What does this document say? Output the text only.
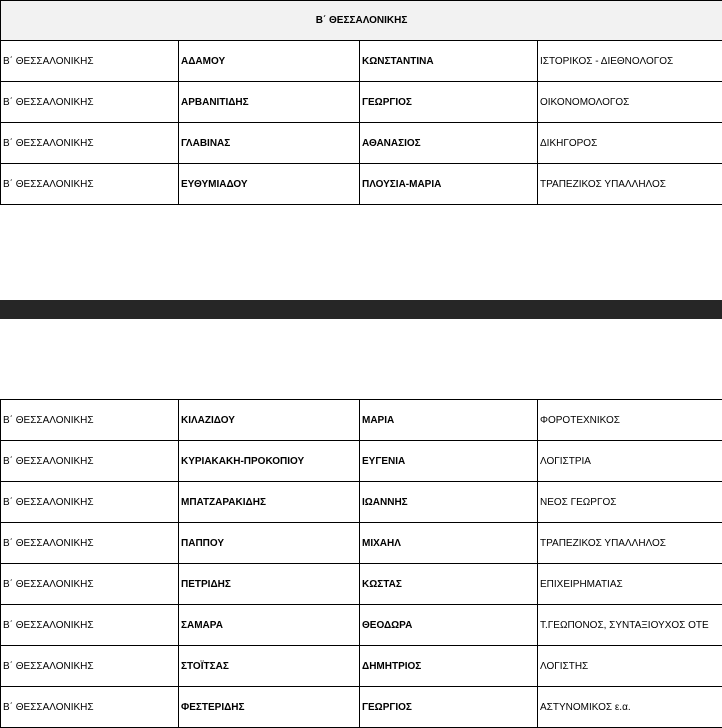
Β΄ ΘΕΣΣΑΛΟΝΙΚΗΣ			
Β΄ ΘΕΣΣΑΛΟΝΙΚΗΣ	ΑΔΑΜΟΥ	ΚΩΝΣΤΑΝΤΙΝΑ	ΙΣΤΟΡΙΚΟΣ - ΔΙΕΘΝΟΛΟΓΟΣ
Β΄ ΘΕΣΣΑΛΟΝΙΚΗΣ	ΑΡΒΑΝΙΤΙΔΗΣ	ΓΕΩΡΓΙΟΣ	ΟΙΚΟΝΟΜΟΛΟΓΟΣ
Β΄ ΘΕΣΣΑΛΟΝΙΚΗΣ	ΓΛΑΒΙΝΑΣ	ΑΘΑΝΑΣΙΟΣ	ΔΙΚΗΓΟΡΟΣ
Β΄ ΘΕΣΣΑΛΟΝΙΚΗΣ	ΕΥΘΥΜΙΑΔΟΥ	ΠΛΟΥΣΙΑ-ΜΑΡΙΑ	ΤΡΑΠΕΖΙΚΟΣ ΥΠΑΛΛΗΛΟΣ
Β΄ ΘΕΣΣΑΛΟΝΙΚΗΣ	ΚΙΛΑΖΙΔΟΥ	ΜΑΡΙΑ	ΦΟΡΟΤΕΧΝΙΚΟΣ
Β΄ ΘΕΣΣΑΛΟΝΙΚΗΣ	ΚΥΡΙΑΚΑΚΗ-ΠΡΟΚΟΠΙΟΥ	ΕΥΓΕΝΙΑ	ΛΟΓΙΣΤΡΙΑ
Β΄ ΘΕΣΣΑΛΟΝΙΚΗΣ	ΜΠΑΤΖΑΡΑΚΙΔΗΣ	ΙΩΑΝΝΗΣ	ΝΕΟΣ ΓΕΩΡΓΟΣ
Β΄ ΘΕΣΣΑΛΟΝΙΚΗΣ	ΠΑΠΠΟΥ	ΜΙΧΑΗΛ	ΤΡΑΠΕΖΙΚΟΣ ΥΠΑΛΛΗΛΟΣ
Β΄ ΘΕΣΣΑΛΟΝΙΚΗΣ	ΠΕΤΡΙΔΗΣ	ΚΩΣΤΑΣ	ΕΠΙΧΕΙΡΗΜΑΤΙΑΣ
Β΄ ΘΕΣΣΑΛΟΝΙΚΗΣ	ΣΑΜΑΡΑ	ΘΕΟΔΩΡΑ	Τ.ΓΕΩΠΟΝΟΣ, ΣΥΝΤΑΞΙΟΥΧΟΣ ΟΤΕ
Β΄ ΘΕΣΣΑΛΟΝΙΚΗΣ	ΣΤΟΪΤΣΑΣ	ΔΗΜΗΤΡΙΟΣ	ΛΟΓΙΣΤΗΣ
Β΄ ΘΕΣΣΑΛΟΝΙΚΗΣ	ΦΕΣΤΕΡΙΔΗΣ	ΓΕΩΡΓΙΟΣ	ΑΣΤΥΝΟΜΙΚΟΣ ε.α.
